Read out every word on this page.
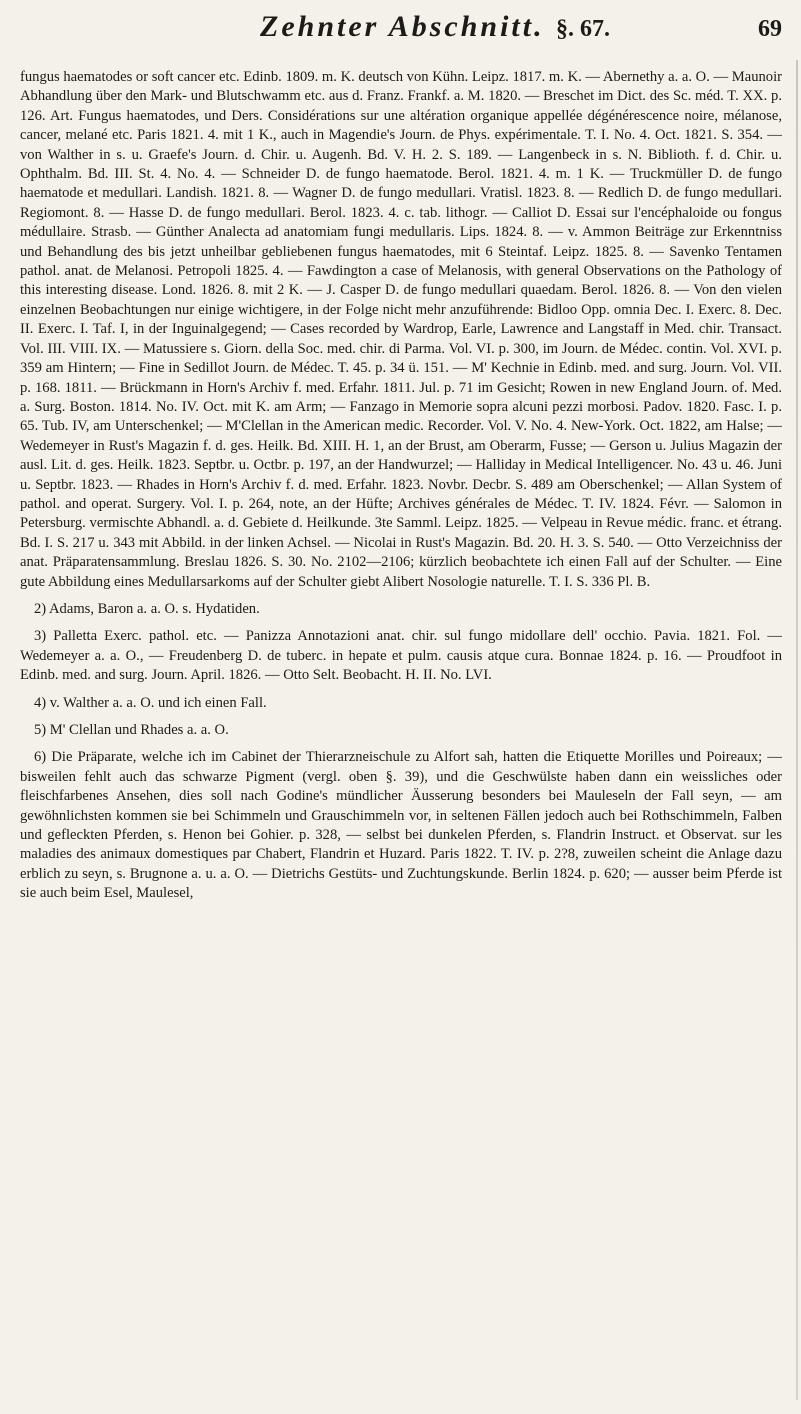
Zehnter Abschnitt. §. 67.	69

fungus haematodes or soft cancer etc. Edinb. 1809. m. K. deutsch von Kühn. Leipz. 1817. m. K. — Abernethy a. a. O. — Maunoir Abhandlung über den Mark- und Blutschwamm etc. aus d. Franz. Frankf. a. M. 1820. — Breschet im Dict. des Sc. méd. T. XX. p. 126. Art. Fungus haematodes, und Ders. Considérations sur une altération organique appellée dégénérescence noire, mélanose, cancer, melané etc. Paris 1821. 4. mit 1 K., auch in Magendie's Journ. de Phys. expérimentale. T. I. No. 4. Oct. 1821. S. 354. — von Walther in s. u. Graefe's Journ. d. Chir. u. Augenh. Bd. V. H. 2. S. 189. — Langenbeck in s. N. Biblioth. f. d. Chir. u. Ophthalm. Bd. III. St. 4. No. 4. — Schneider D. de fungo haematode. Berol. 1821. 4. m. 1 K. — Truckmüller D. de fungo haematode et medullari. Landish. 1821. 8. — Wagner D. de fungo medullari. Vratisl. 1823. 8. — Redlich D. de fungo medullari. Regiomont. 8. — Hasse D. de fungo medullari. Berol. 1823. 4. c. tab. lithogr. — Calliot D. Essai sur l'encéphaloide ou fongus médullaire. Strasb. — Günther Analecta ad anatomiam fungi medullaris. Lips. 1824. 8. — v. Ammon Beiträge zur Erkenntniss und Behandlung des bis jetzt unheilbar gebliebenen fungus haematodes, mit 6 Steintaf. Leipz. 1825. 8. — Savenko Tentamen pathol. anat. de Melanosi. Petropoli 1825. 4. — Fawdington a case of Melanosis, with general Observations on the Pathology of this interesting disease. Lond. 1826. 8. mit 2 K. — J. Casper D. de fungo medullari quaedam. Berol. 1826. 8. — Von den vielen einzelnen Beobachtungen nur einige wichtigere, in der Folge nicht mehr anzuführende: Bidloo Opp. omnia Dec. I. Exerc. 8. Dec. II. Exerc. I. Taf. I, in der Inguinalgegend; — Cases recorded by Wardrop, Earle, Lawrence and Langstaff in Med. chir. Transact. Vol. III. VIII. IX. — Matussiere s. Giorn. della Soc. med. chir. di Parma. Vol. VI. p. 300, im Journ. de Médec. contin. Vol. XVI. p. 359 am Hintern; — Fine in Sedillot Journ. de Médec. T. 45. p. 34 ü. 151. — M' Kechnie in Edinb. med. and surg. Journ. Vol. VII. p. 168. 1811. — Brückmann in Horn's Archiv f. med. Erfahr. 1811. Jul. p. 71 im Gesicht; Rowen in new England Journ. of. Med. a. Surg. Boston. 1814. No. IV. Oct. mit K. am Arm; — Fanzago in Memorie sopra alcuni pezzi morbosi. Padov. 1820. Fasc. I. p. 65. Tub. IV, am Unterschenkel; — M'Clellan in the American medic. Recorder. Vol. V. No. 4. New-York. Oct. 1822, am Halse; — Wedemeyer in Rust's Magazin f. d. ges. Heilk. Bd. XIII. H. 1, an der Brust, am Oberarm, Fusse; — Gerson u. Julius Magazin der ausl. Lit. d. ges. Heilk. 1823. Septbr. u. Octbr. p. 197, an der Handwurzel; — Halliday in Medical Intelligencer. No. 43 u. 46. Juni u. Septbr. 1823. — Rhades in Horn's Archiv f. d. med. Erfahr. 1823. Novbr. Decbr. S. 489 am Oberschenkel; — Allan System of pathol. and operat. Surgery. Vol. I. p. 264, note, an der Hüfte; Archives générales de Médec. T. IV. 1824. Févr. — Salomon in Petersburg. vermischte Abhandl. a. d. Gebiete d. Heilkunde. 3te Samml. Leipz. 1825. — Velpeau in Revue médic. franc. et étrang. Bd. I. S. 217 u. 343 mit Abbild. in der linken Achsel. — Nicolai in Rust's Magazin. Bd. 20. H. 3. S. 540. — Otto Verzeichniss der anat. Präparatensammlung. Breslau 1826. S. 30. No. 2102—2106; kürzlich beobachtete ich einen Fall auf der Schulter. — Eine gute Abbildung eines Medullarsarkoms auf der Schulter giebt Alibert Nosologie naturelle. T. I. S. 336 Pl. B.

2) Adams, Baron a. a. O. s. Hydatiden.

3) Palletta Exerc. pathol. etc. — Panizza Annotazioni anat. chir. sul fungo midollare dell' occhio. Pavia. 1821. Fol. — Wedemeyer a. a. O., — Freudenberg D. de tuberc. in hepate et pulm. causis atque cura. Bonnae 1824. p. 16. — Proudfoot in Edinb. med. and surg. Journ. April. 1826. — Otto Selt. Beobacht. H. II. No. LVI.

4) v. Walther a. a. O. und ich einen Fall.

5) M' Clellan und Rhades a. a. O.

6) Die Präparate, welche ich im Cabinet der Thierarzneischule zu Alfort sah, hatten die Etiquette Morilles und Poireaux; — bisweilen fehlt auch das schwarze Pigment (vergl. oben §. 39), und die Geschwülste haben dann ein weissliches oder fleischfarbenes Ansehen, dies soll nach Godine's mündlicher Äusserung besonders bei Mauleseln der Fall seyn, — am gewöhnlichsten kommen sie bei Schimmeln und Grauschimmeln vor, in seltenen Fällen jedoch auch bei Rothschimmeln, Falben und gefleckten Pferden, s. Henon bei Gohier. p. 328, — selbst bei dunkelen Pferden, s. Flandrin Instruct. et Observat. sur les maladies des animaux domestiques par Chabert, Flandrin et Huzard. Paris 1822. T. IV. p. 2?8, zuweilen scheint die Anlage dazu erblich zu seyn, s. Brugnone a. u. a. O. — Dietrichs Gestüts- und Zuchtungskunde. Berlin 1824. p. 620; — ausser beim Pferde ist sie auch beim Esel, Maulesel,
